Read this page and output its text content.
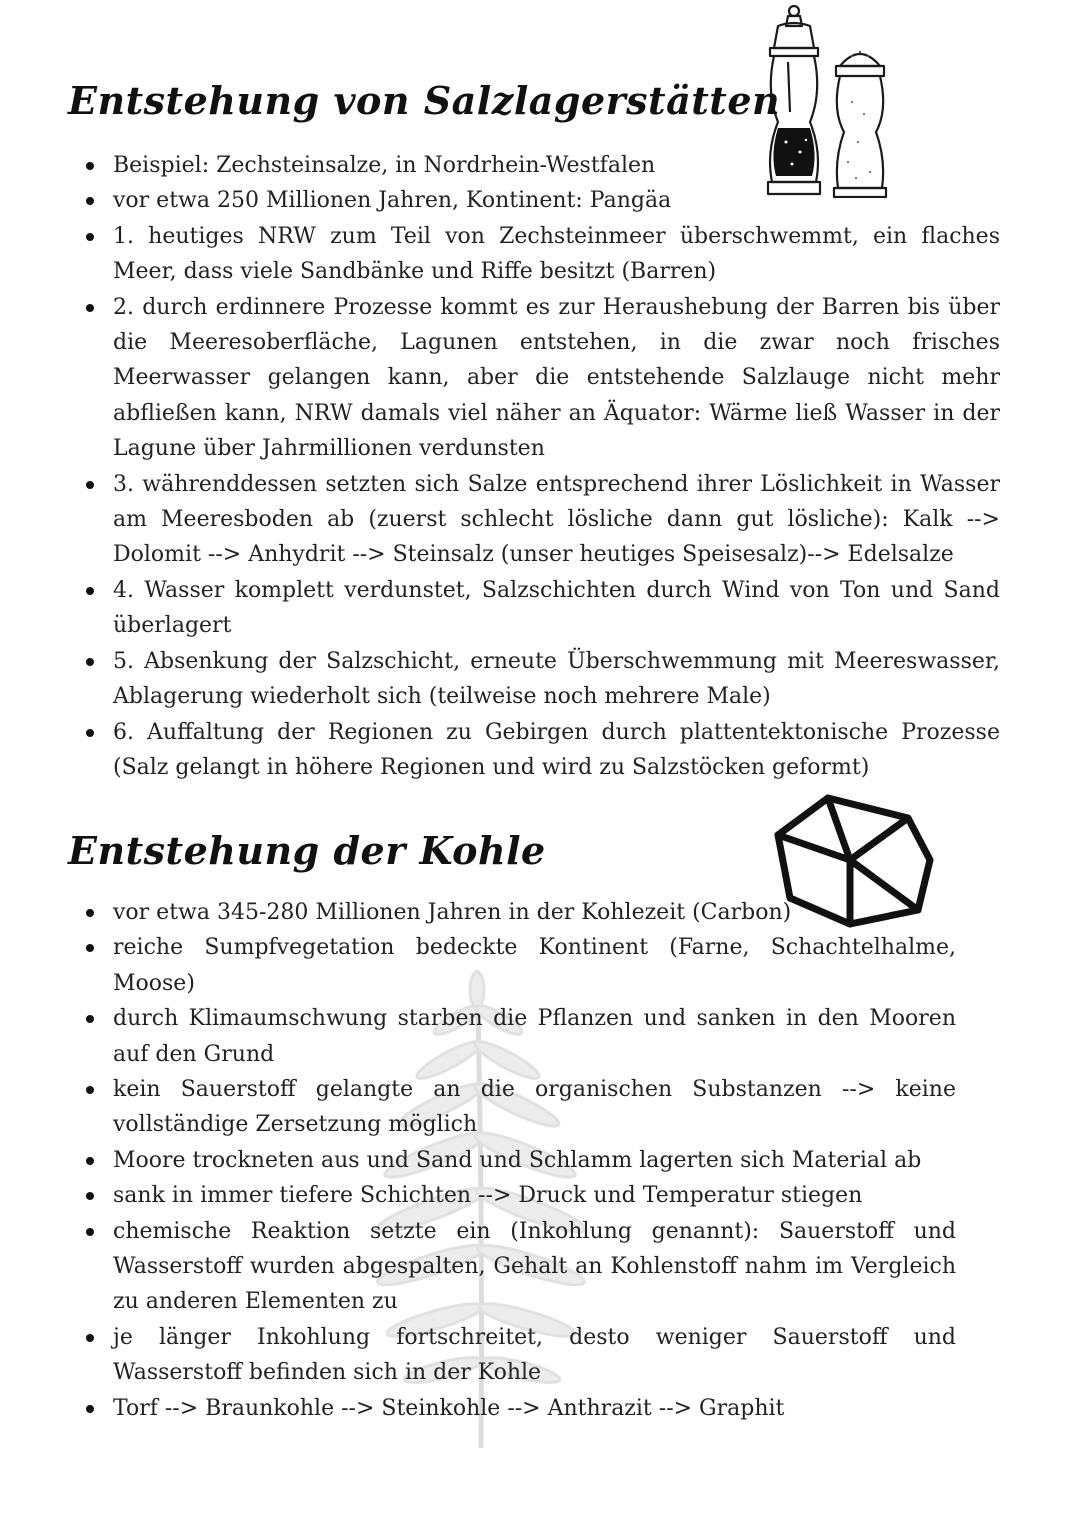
Entstehung von Salzlagerstätten
Beispiel: Zechsteinsalze, in Nordrhein-Westfalen
vor etwa 250 Millionen Jahren, Kontinent: Pangäa
1. heutiges NRW zum Teil von Zechsteinmeer überschwemmt, ein flaches Meer, dass viele Sandbänke und Riffe besitzt (Barren)
2. durch erdinnere Prozesse kommt es zur Heraushebung der Barren bis über die Meeresoberfläche, Lagunen entstehen, in die zwar noch frisches Meerwasser gelangen kann, aber die entstehende Salzlauge nicht mehr abfließen kann, NRW damals viel näher an Äquator: Wärme ließ Wasser in der Lagune über Jahrmillionen verdunsten
3. währenddessen setzten sich Salze entsprechend ihrer Löslichkeit in Wasser am Meeresboden ab (zuerst schlecht lösliche dann gut lösliche): Kalk --> Dolomit --> Anhydrit --> Steinsalz (unser heutiges Speisesalz)--> Edelsalze
4. Wasser komplett verdunstet, Salzschichten durch Wind von Ton und Sand überlagert
5. Absenkung der Salzschicht, erneute Überschwemmung mit Meereswasser, Ablagerung wiederholt sich (teilweise noch mehrere Male)
6. Auffaltung der Regionen zu Gebirgen durch plattentektonische Prozesse (Salz gelangt in höhere Regionen und wird zu Salzstöcken geformt)
Entstehung der Kohle
vor etwa 345-280 Millionen Jahren in der Kohlezeit (Carbon)
reiche Sumpfvegetation bedeckte Kontinent (Farne, Schachtelhalme, Moose)
durch Klimaumschwung starben die Pflanzen und sanken in den Mooren auf den Grund
kein Sauerstoff gelangte an die organischen Substanzen --> keine vollständige Zersetzung möglich
Moore trockneten aus und Sand und Schlamm lagerten sich Material ab
sank in immer tiefere Schichten --> Druck und Temperatur stiegen
chemische Reaktion setzte ein (Inkohlung genannt): Sauerstoff und Wasserstoff wurden abgespalten, Gehalt an Kohlenstoff nahm im Vergleich zu anderen Elementen zu
je länger Inkohlung fortschreitet, desto weniger Sauerstoff und Wasserstoff befinden sich in der Kohle
Torf --> Braunkohle --> Steinkohle --> Anthrazit --> Graphit
